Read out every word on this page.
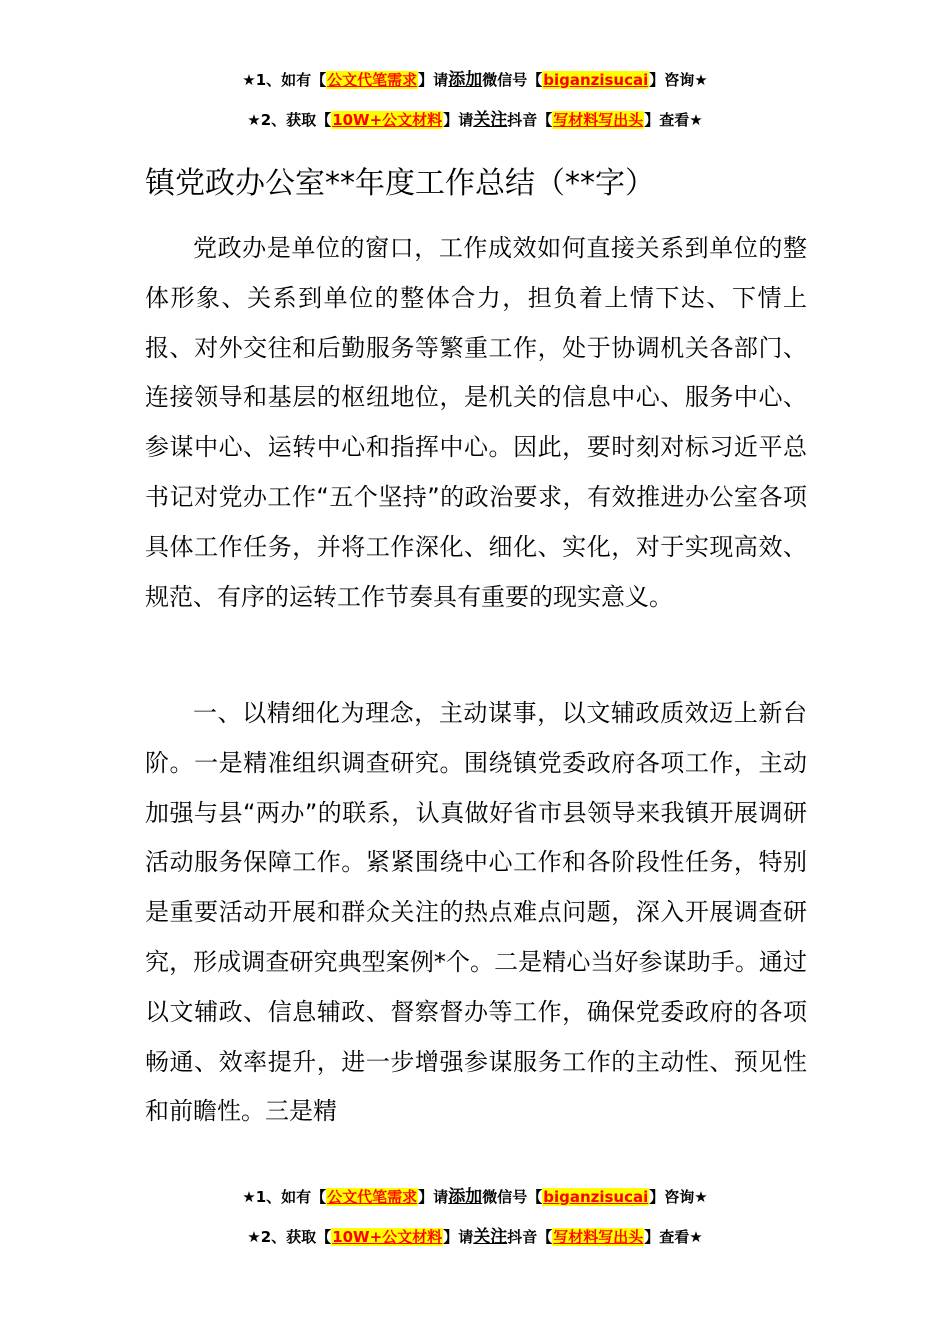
★1、如有【公文代笔需求】请添加微信号【biganzisucai】咨询★
★2、获取【10W+公文材料】请关注抖音【写材料写出头】查看★
镇党政办公室**年度工作总结（**字）

党政办是单位的窗口，工作成效如何直接关系到单位的整体形象、关系到单位的整体合力，担负着上情下达、下情上报、对外交往和后勤服务等繁重工作，处于协调机关各部门、连接领导和基层的枢纽地位，是机关的信息中心、服务中心、参谋中心、运转中心和指挥中心。因此，要时刻对标习近平总书记对党办工作“五个坚持”的政治要求，有效推进办公室各项具体工作任务，并将工作深化、细化、实化，对于实现高效、规范、有序的运转工作节奏具有重要的现实意义。

一、以精细化为理念，主动谋事，以文辅政质效迈上新台阶。一是精准组织调查研究。围绕镇党委政府各项工作，主动加强与县“两办”的联系，认真做好省市县领导来我镇开展调研活动服务保障工作。紧紧围绕中心工作和各阶段性任务，特别是重要活动开展和群众关注的热点难点问题，深入开展调查研究，形成调查研究典型案例*个。二是精心当好参谋助手。通过以文辅政、信息辅政、督察督办等工作，确保党委政府的各项畅通、效率提升，进一步增强参谋服务工作的主动性、预见性和前瞻性。三是精

★1、如有【公文代笔需求】请添加微信号【biganzisucai】咨询★
★2、获取【10W+公文材料】请关注抖音【写材料写出头】查看★
